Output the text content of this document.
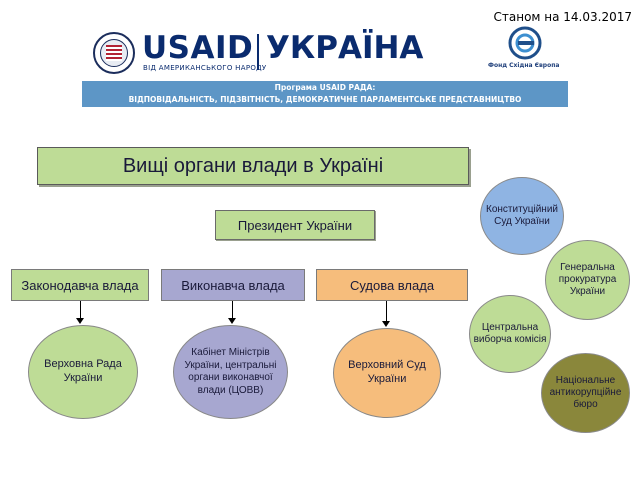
Станом на 14.03.2017
USAID УКРАЇНА
ВІД АМЕРИКАНСЬКОГО НАРОДУ	Фонд Східна Європа
Програма USAID РАДА:
ВІДПОВІДАЛЬНІСТЬ, ПІДЗВІТНІСТЬ, ДЕМОКРАТИЧНЕ ПАРЛАМЕНТСЬКЕ ПРЕДСТАВНИЦТВО
Вищі органи влади в Україні
Президент України
Законодавча влада	Виконавча влада	Судова влада
Верховна Рада України
Кабінет Міністрів України, центральні органи виконавчої влади (ЦОВВ)
Верховний Суд України
Конституційний Суд України
Генеральна прокуратура України
Центральна виборча комісія
Національне антикорупційне бюро
